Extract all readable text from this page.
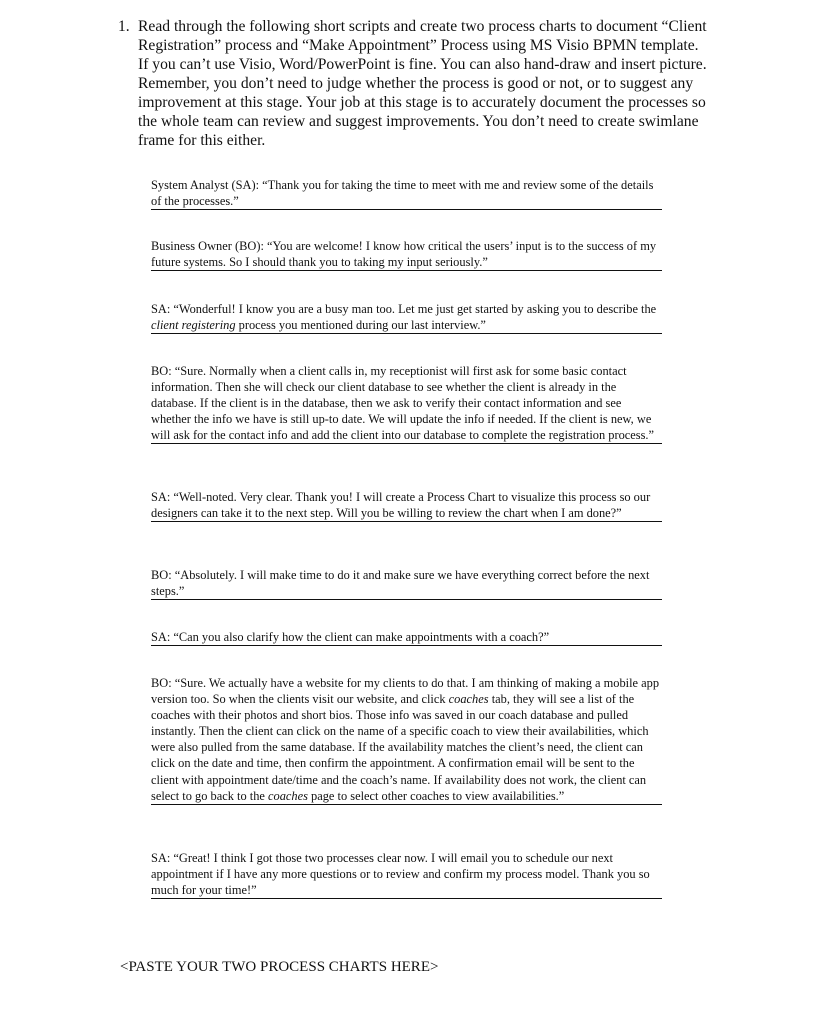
1. Read through the following short scripts and create two process charts to document “Client Registration” process and “Make Appointment” Process using MS Visio BPMN template. If you can’t use Visio, Word/PowerPoint is fine. You can also hand-draw and insert picture. Remember, you don’t need to judge whether the process is good or not, or to suggest any improvement at this stage. Your job at this stage is to accurately document the processes so the whole team can review and suggest improvements. You don’t need to create swimlane frame for this either.
System Analyst (SA): “Thank you for taking the time to meet with me and review some of the details of the processes.”
Business Owner (BO): “You are welcome! I know how critical the users’ input is to the success of my future systems. So I should thank you to taking my input seriously.”
SA: “Wonderful! I know you are a busy man too. Let me just get started by asking you to describe the client registering process you mentioned during our last interview.”
BO: “Sure. Normally when a client calls in, my receptionist will first ask for some basic contact information. Then she will check our client database to see whether the client is already in the database. If the client is in the database, then we ask to verify their contact information and see whether the info we have is still up-to date. We will update the info if needed. If the client is new, we will ask for the contact info and add the client into our database to complete the registration process.”
SA: “Well-noted. Very clear. Thank you! I will create a Process Chart to visualize this process so our designers can take it to the next step. Will you be willing to review the chart when I am done?”
BO: “Absolutely. I will make time to do it and make sure we have everything correct before the next steps.”
SA: “Can you also clarify how the client can make appointments with a coach?”
BO: “Sure. We actually have a website for my clients to do that. I am thinking of making a mobile app version too. So when the clients visit our website, and click coaches tab, they will see a list of the coaches with their photos and short bios. Those info was saved in our coach database and pulled instantly. Then the client can click on the name of a specific coach to view their availabilities, which were also pulled from the same database. If the availability matches the client’s need, the client can click on the date and time, then confirm the appointment. A confirmation email will be sent to the client with appointment date/time and the coach’s name. If availability does not work, the client can select to go back to the coaches page to select other coaches to view availabilities.”
SA: “Great! I think I got those two processes clear now. I will email you to schedule our next appointment if I have any more questions or to review and confirm my process model. Thank you so much for your time!”
<PASTE YOUR TWO PROCESS CHARTS HERE>
